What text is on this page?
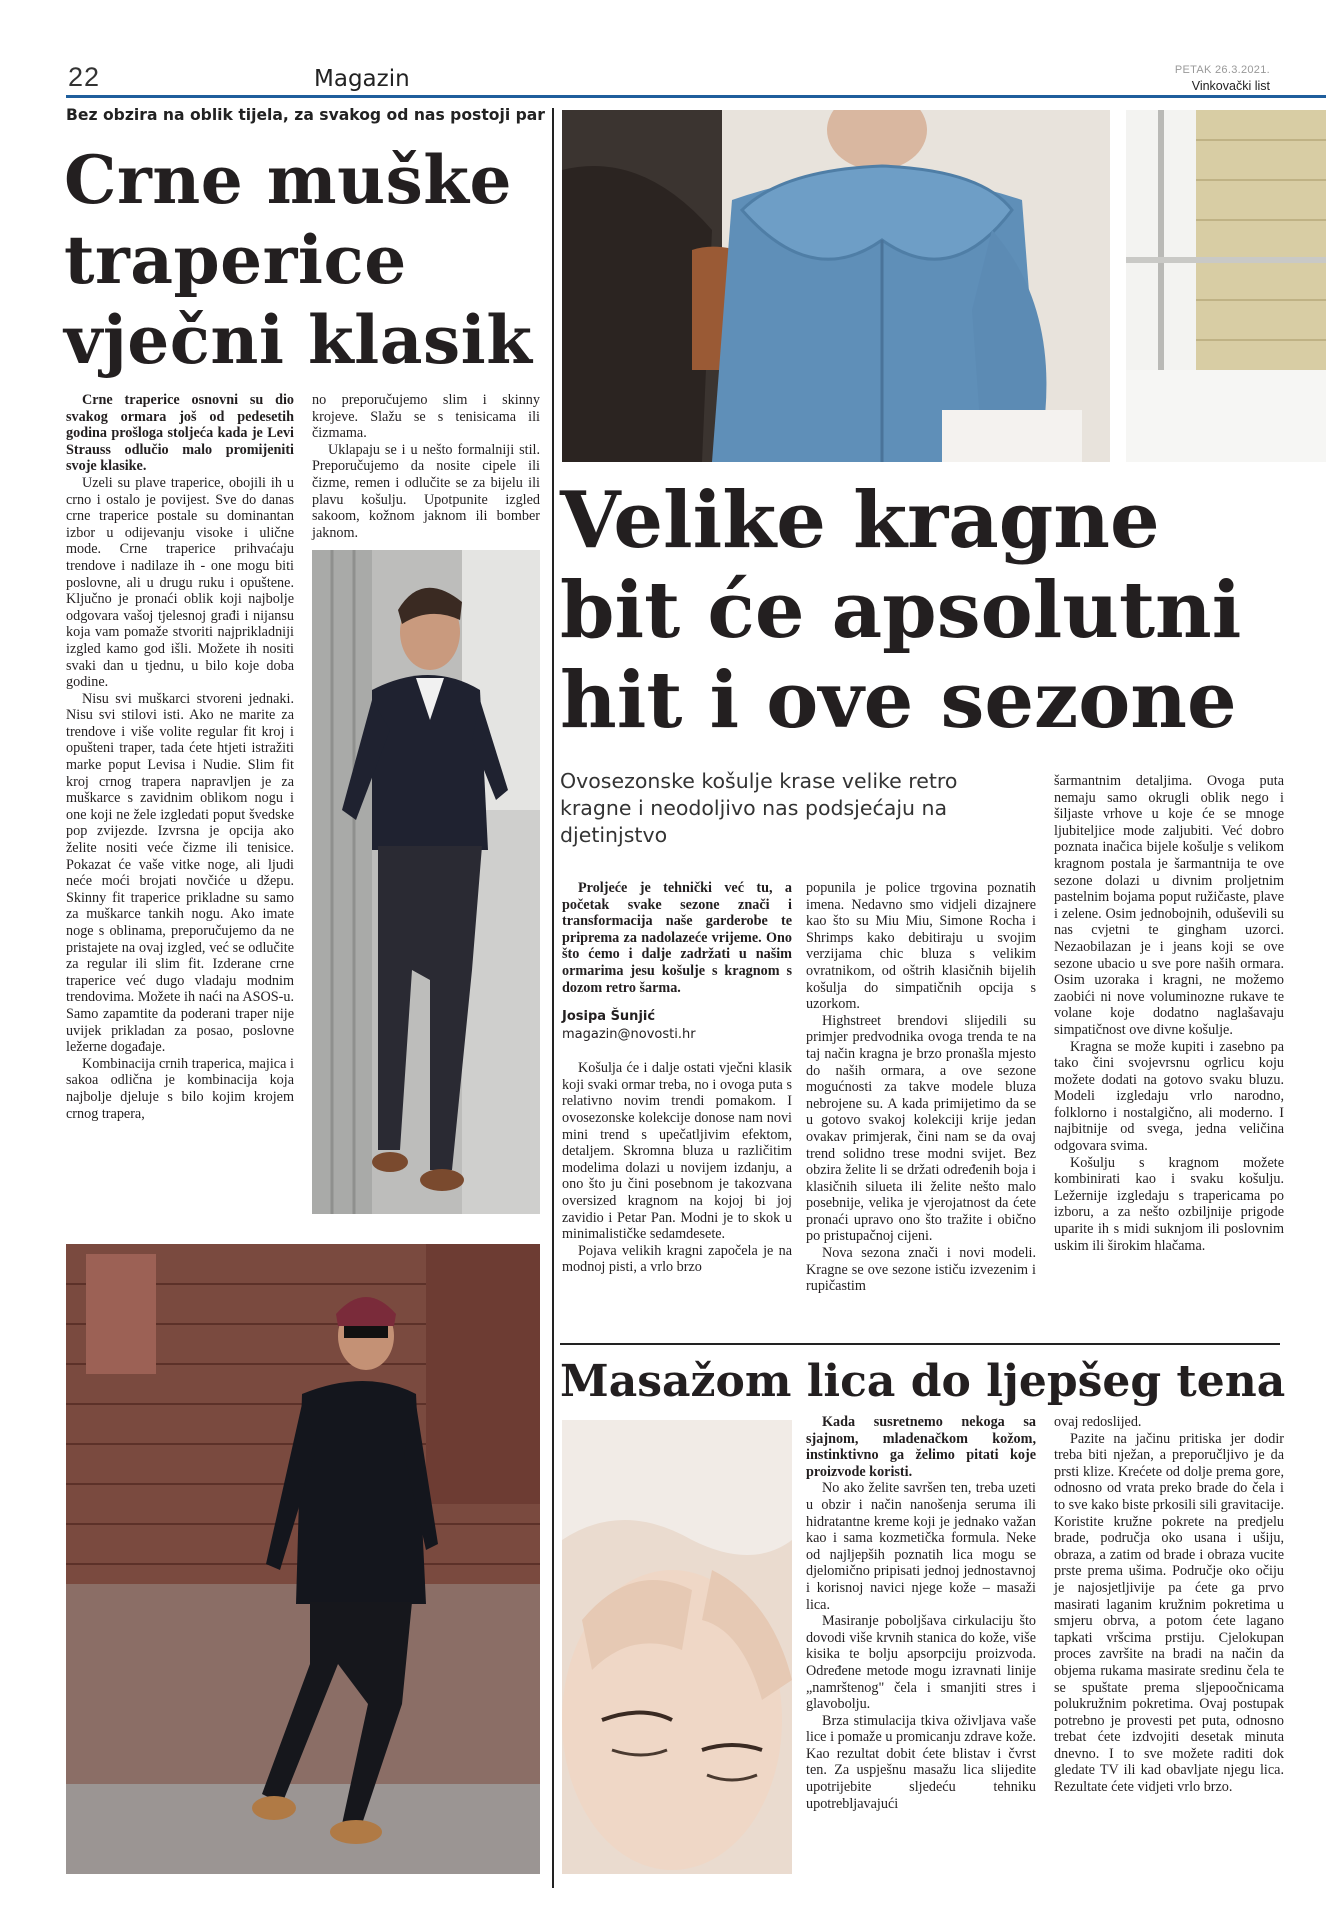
22	Magazin	PETAK 26.3.2021.
Vinkovački list
Bez obzira na oblik tijela, za svakog od nas postoji par
Crne muške traperice vječni klasik

Crne traperice osnovni su dio svakog ormara još od pedesetih godina prošloga stoljeća kada je Levi Strauss odlučio malo promijeniti svoje klasike.

Uzeli su plave traperice, obojili ih u crno i ostalo je povijest. Sve do danas crne traperice postale su dominantan izbor u odijevanju visoke i ulične mode. Crne traperice prihvaćaju trendove i nadilaze ih - one mogu biti poslovne, ali u drugu ruku i opuštene. Ključno je pronaći oblik koji najbolje odgovara vašoj tjelesnoj građi i nijansu koja vam pomaže stvoriti najprikladniji izgled kamo god išli. Možete ih nositi svaki dan u tjednu, u bilo koje doba godine.

Nisu svi muškarci stvoreni jednaki. Nisu svi stilovi isti. Ako ne marite za trendove i više volite regular fit kroj i opušteni traper, tada ćete htjeti istražiti marke poput Levisa i Nudie. Slim fit kroj crnog trapera napravljen je za muškarce s zavidnim oblikom nogu i one koji ne žele izgledati poput švedske pop zvijezde. Izvrsna je opcija ako želite nositi veće čizme ili tenisice. Pokazat će vaše vitke noge, ali ljudi neće moći brojati novčiće u džepu. Skinny fit traperice prikladne su samo za muškarce tankih nogu. Ako imate noge s oblinama, preporučujemo da ne pristajete na ovaj izgled, već se odlučite za regular ili slim fit. Izderane crne traperice već dugo vladaju modnim trendovima. Možete ih naći na ASOS-u. Samo zapamtite da poderani traper nije uvijek prikladan za posao, poslovne ležerne događaje.

Kombinacija crnih traperica, majica i sakoa odlična je kombinacija koja najbolje djeluje s bilo kojim krojem crnog trapera,

no preporučujemo slim i skinny krojeve. Slažu se s tenisicama ili čizmama.

Uklapaju se i u nešto formalniji stil. Preporučujemo da nosite cipele ili čizme, remen i odlučite se za bijelu ili plavu košulju. Upotpunite izgled sakoom, kožnom jaknom ili bomber jaknom.	Velike kragne bit će apsolutni hit i ove sezone
Ovosezonske košulje krase velike retro kragne i neodoljivo nas podsjećaju na djetinjstvo

Proljeće je tehnički već tu, a početak svake sezone znači i transformacija naše garderobe te priprema za nadolazeće vrijeme. Ono što ćemo i dalje zadržati u našim ormarima jesu košulje s kragnom s dozom retro šarma.

Josipa Šunjić
magazin@novosti.hr

Košulja će i dalje ostati vječni klasik koji svaki ormar treba, no i ovoga puta s relativno novim trendi pomakom. I ovosezonske kolekcije donose nam novi mini trend s upečatljivim efektom, detaljem. Skromna bluza u različitim modelima dolazi u novijem izdanju, a ono što ju čini posebnom je takozvana oversized kragnom na kojoj bi joj zavidio i Petar Pan. Modni je to skok u minimalističke sedamdesete.

Pojava velikih kragni započela je na modnoj pisti, a vrlo brzo

popunila je police trgovina poznatih imena. Nedavno smo vidjeli dizajnere kao što su Miu Miu, Simone Rocha i Shrimps kako debitiraju u svojim verzijama chic bluza s velikim ovratnikom, od oštrih klasičnih bijelih košulja do simpatičnih opcija s uzorkom.

Highstreet brendovi slijedili su primjer predvodnika ovoga trenda te na taj način kragna je brzo pronašla mjesto do naših ormara, a ove sezone mogućnosti za takve modele bluza nebrojene su. A kada primijetimo da se u gotovo svakoj kolekciji krije jedan ovakav primjerak, čini nam se da ovaj trend solidno trese modni svijet. Bez obzira želite li se držati određenih boja i klasičnih silueta ili želite nešto malo posebnije, velika je vjerojatnost da ćete pronaći upravo ono što tražite i obično po pristupačnoj cijeni.

Nova sezona znači i novi modeli. Kragne se ove sezone ističu izvezenim i rupičastim

šarmantnim detaljima. Ovoga puta nemaju samo okrugli oblik nego i šiljaste vrhove u koje će se mnoge ljubiteljice mode zaljubiti. Već dobro poznata inačica bijele košulje s velikom kragnom postala je šarmantnija te ove sezone dolazi u divnim proljetnim pastelnim bojama poput ružičaste, plave i zelene. Osim jednobojnih, oduševili su nas cvjetni te gingham uzorci. Nezaobilazan je i jeans koji se ove sezone ubacio u sve pore naših ormara. Osim uzoraka i kragni, ne možemo zaobići ni nove voluminozne rukave te volane koje dodatno naglašavaju simpatičnost ove divne košulje.

Kragna se može kupiti i zasebno pa tako čini svojevrsnu ogrlicu koju možete dodati na gotovo svaku bluzu. Modeli izgledaju vrlo narodno, folklorno i nostalgično, ali moderno. I najbitnije od svega, jedna veličina odgovara svima.

Košulju s kragnom možete kombinirati kao i svaku košulju. Ležernije izgledaju s trapericama po izboru, a za nešto ozbiljnije prigode uparite ih s midi suknjom ili poslovnim uskim ili širokim hlačama.

Masažom lica do ljepšeg tena

Kada susretnemo nekoga sa sjajnom, mladenačkom kožom, instinktivno ga želimo pitati koje proizvode koristi.

No ako želite savršen ten, treba uzeti u obzir i način nanošenja seruma ili hidratantne kreme koji je jednako važan kao i sama kozmetička formula. Neke od najljepših poznatih lica mogu se djelomično pripisati jednoj jednostavnoj i korisnoj navici njege kože – masaži lica.

Masiranje poboljšava cirkulaciju što dovodi više krvnih stanica do kože, više kisika te bolju apsorpciju proizvoda. Određene metode mogu izravnati linije „namrštenog" čela i smanjiti stres i glavobolju.

Brza stimulacija tkiva oživljava vaše lice i pomaže u promicanju zdrave kože. Kao rezultat dobit ćete blistav i čvrst ten. Za uspješnu masažu lica slijedite upotrijebite sljedeću tehniku upotrebljavajući

ovaj redoslijed.

Pazite na jačinu pritiska jer dodir treba biti nježan, a preporučljivo je da prsti klize. Krećete od dolje prema gore, odnosno od vrata preko brade do čela i to sve kako biste prkosili sili gravitacije. Koristite kružne pokrete na predjelu brade, područja oko usana i ušiju, obraza, a zatim od brade i obraza vucite prste prema ušima. Područje oko očiju je najosjetljivije pa ćete ga prvo masirati laganim kružnim pokretima u smjeru obrva, a potom ćete lagano tapkati vršcima prstiju. Cjelokupan proces završite na bradi na način da objema rukama masirate sredinu čela te se spuštate prema sljepoočnicama polukružnim pokretima. Ovaj postupak potrebno je provesti pet puta, odnosno trebat ćete izdvojiti desetak minuta dnevno. I to sve možete raditi dok gledate TV ili kad obavljate njegu lica. Rezultate ćete vidjeti vrlo brzo.
